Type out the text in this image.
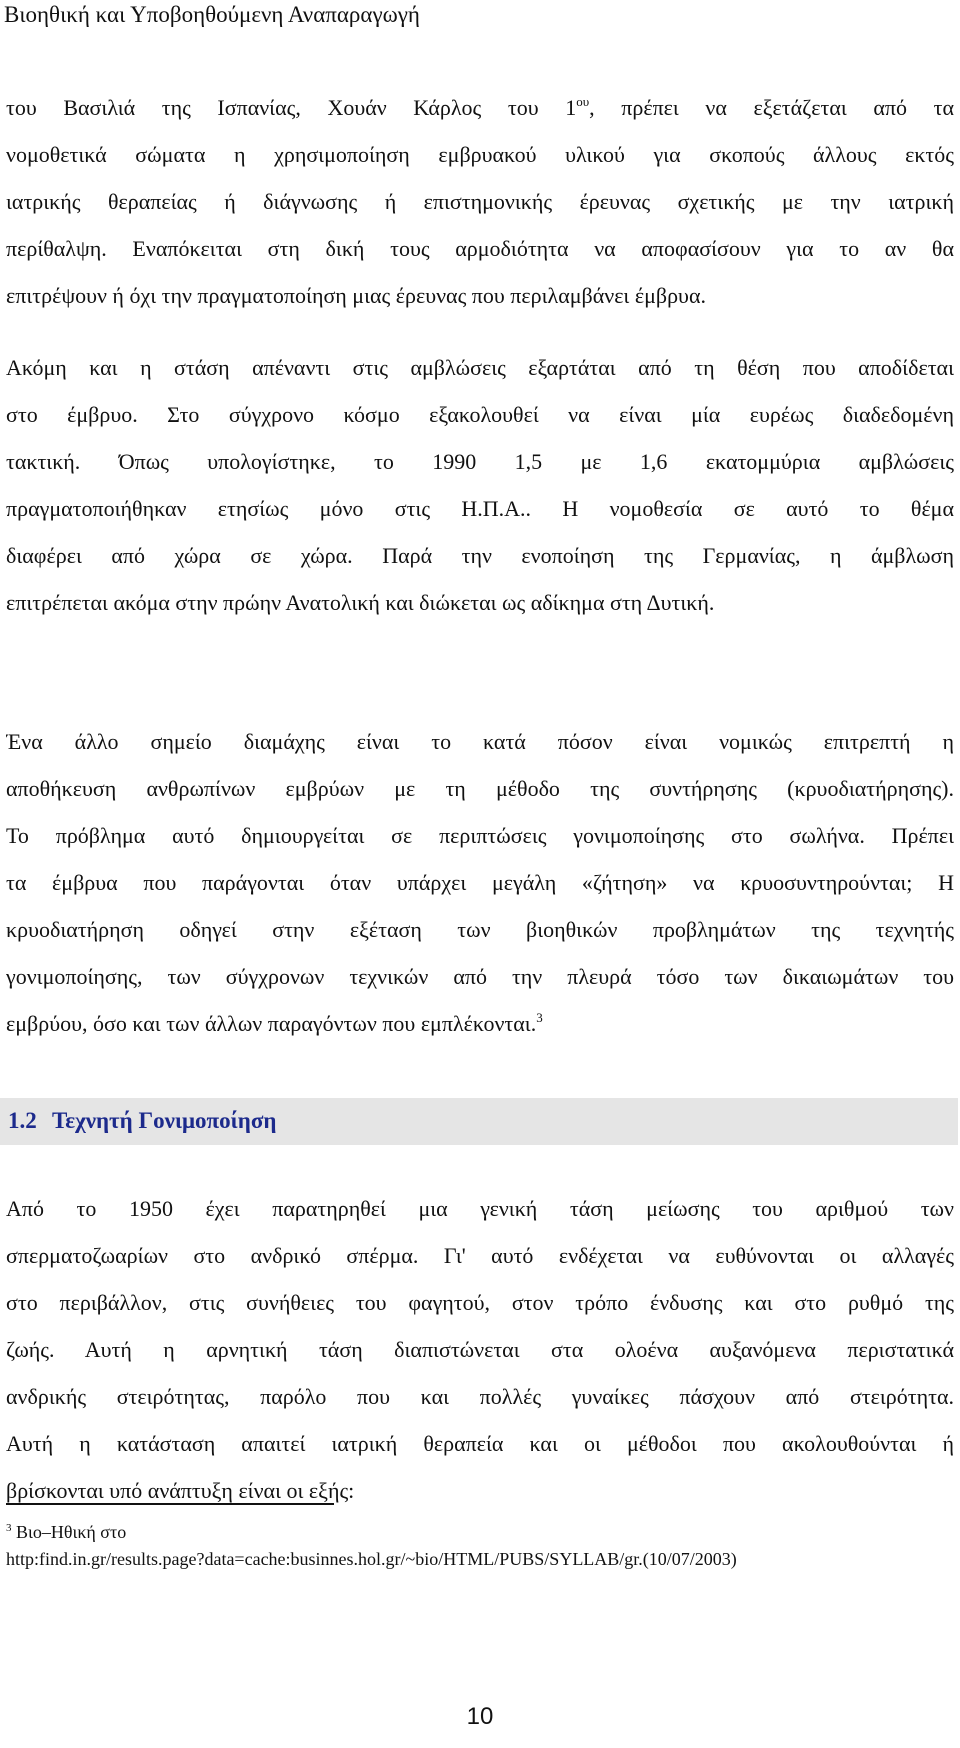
Βιοηθική και Υποβοηθούμενη Αναπαραγωγή
του Βασιλιά της Ισπανίας, Χουάν Κάρλος του $1^{o\upsilon}$, πρέπει να εξετάζεται από τα
νομοθετικά σώματα η χρησιμοποίηση εμβρυακού υλικού για σκοπούς άλλους εκτός
ιατρικής θεραπείας ή διάγνωσης ή επιστημονικής έρευνας σχετικής με την ιατρική
περίθαλψη. Εναπόκειται στη δική τους αρμοδιότητα να αποφασίσουν για το αν θα
επιτρέψουν ή όχι την πραγματοποίηση μιας έρευνας που περιλαμβάνει έμβρυα.
Ακόμη και η στάση απέναντι στις αμβλώσεις εξαρτάται από τη θέση που αποδίδεται
στο έμβρυο. Στο σύγχρονο κόσμο εξακολουθεί να είναι μία ευρέως διαδεδομένη
τακτική. Όπως υπολογίστηκε, το 1990 1,5 με 1,6 εκατομμύρια αμβλώσεις
πραγματοποιήθηκαν ετησίως μόνο στις Η.Π.Α.. Η νομοθεσία σε αυτό το θέμα
διαφέρει από χώρα σε χώρα. Παρά την ενοποίηση της Γερμανίας, η άμβλωση
επιτρέπεται ακόμα στην πρώην Ανατολική και διώκεται ως αδίκημα στη Δυτική.
Ένα άλλο σημείο διαμάχης είναι το κατά πόσον είναι νομικώς επιτρεπτή η
αποθήκευση ανθρωπίνων εμβρύων με τη μέθοδο της συντήρησης (κρυοδιατήρησης).
Το πρόβλημα αυτό δημιουργείται σε περιπτώσεις γονιμοποίησης στο σωλήνα. Πρέπει
τα έμβρυα που παράγονται όταν υπάρχει μεγάλη «ζήτηση» να κρυοσυντηρούνται; Η
κρυοδιατήρηση οδηγεί στην εξέταση των βιοηθικών προβλημάτων της τεχνητής
γονιμοποίησης, των σύγχρονων τεχνικών από την πλευρά τόσο των δικαιωμάτων του
εμβρύου, όσο και των άλλων παραγόντων που εμπλέκονται.$^3$
1.2 Τεχνητή Γονιμοποίηση
Από το 1950 έχει παρατηρηθεί μια γενική τάση μείωσης του αριθμού των
σπερματοζωαρίων στο ανδρικό σπέρμα. Γι' αυτό ενδέχεται να ευθύνονται οι αλλαγές
στο περιβάλλον, στις συνήθειες του φαγητού, στον τρόπο ένδυσης και στο ρυθμό της
ζωής. Αυτή η αρνητική τάση διαπιστώνεται στα ολοένα αυξανόμενα περιστατικά
ανδρικής στειρότητας, παρόλο που και πολλές γυναίκες πάσχουν από στειρότητα.
Αυτή η κατάσταση απαιτεί ιατρική θεραπεία και οι μέθοδοι που ακολουθούνται ή
βρίσκονται υπό ανάπτυξη είναι οι εξής:
$^3$ Βιο–Ηθική στο
http:find.in.gr/results.page?data=cache:businnes.hol.gr/~bio/HTML/PUBS/SYLLAB/gr.(10/07/2003)
10
